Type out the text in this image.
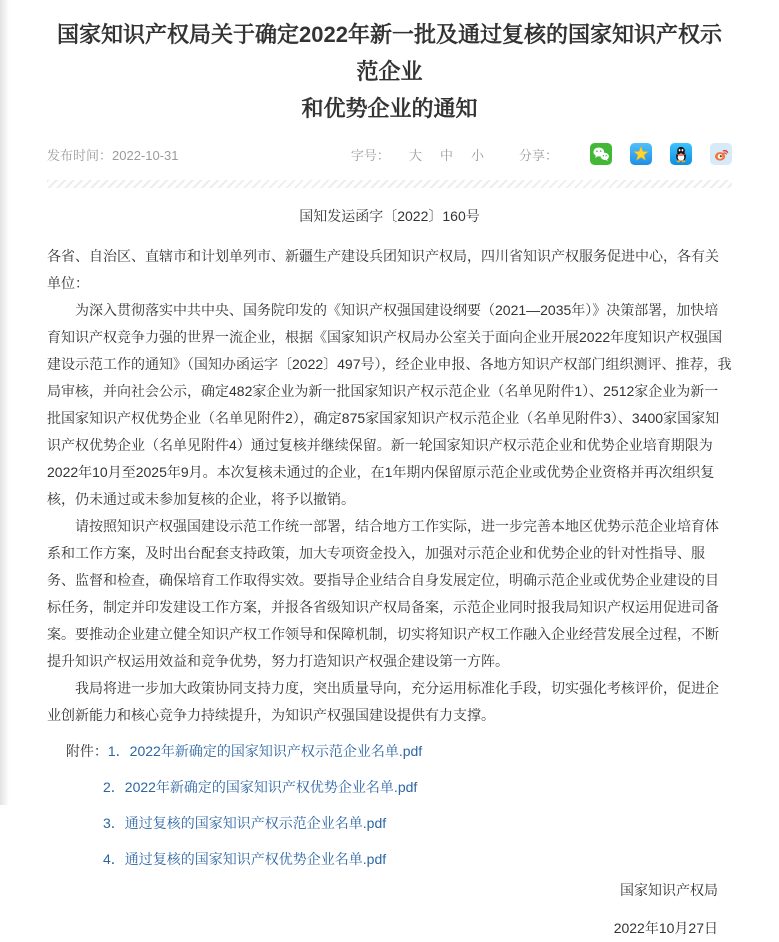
国家知识产权局关于确定2022年新一批及通过复核的国家知识产权示范企业
和优势企业的通知
发布时间：2022-10-31	字号： 大 中 小	分享：
国知发运函字〔2022〕160号
各省、自治区、直辖市和计划单列市、新疆生产建设兵团知识产权局，四川省知识产权服务促进中心，各有关单位：

为深入贯彻落实中共中央、国务院印发的《知识产权强国建设纲要（2021—2035年）》决策部署，加快培育知识产权竞争力强的世界一流企业，根据《国家知识产权局办公室关于面向企业开展2022年度知识产权强国建设示范工作的通知》（国知办函运字〔2022〕497号），经企业申报、各地方知识产权部门组织测评、推荐，我局审核，并向社会公示，确定482家企业为新一批国家知识产权示范企业（名单见附件1）、2512家企业为新一批国家知识产权优势企业（名单见附件2），确定875家国家知识产权示范企业（名单见附件3）、3400家国家知识产权优势企业（名单见附件4）通过复核并继续保留。新一轮国家知识产权示范企业和优势企业培育期限为2022年10月至2025年9月。本次复核未通过的企业，在1年期内保留原示范企业或优势企业资格并再次组织复核，仍未通过或未参加复核的企业，将予以撤销。

请按照知识产权强国建设示范工作统一部署，结合地方工作实际，进一步完善本地区优势示范企业培育体系和工作方案，及时出台配套支持政策，加大专项资金投入，加强对示范企业和优势企业的针对性指导、服务、监督和检查，确保培育工作取得实效。要指导企业结合自身发展定位，明确示范企业或优势企业建设的目标任务，制定并印发建设工作方案，并报各省级知识产权局备案，示范企业同时报我局知识产权运用促进司备案。要推动企业建立健全知识产权工作领导和保障机制，切实将知识产权工作融入企业经营发展全过程，不断提升知识产权运用效益和竞争优势，努力打造知识产权强企建设第一方阵。

我局将进一步加大政策协同支持力度，突出质量导向，充分运用标准化手段，切实强化考核评价，促进企业创新能力和核心竞争力持续提升，为知识产权强国建设提供有力支撑。

附件：1．2022年新确定的国家知识产权示范企业名单.pdf
2．2022年新确定的国家知识产权优势企业名单.pdf
3．通过复核的国家知识产权示范企业名单.pdf
4．通过复核的国家知识产权优势企业名单.pdf
国家知识产权局
2022年10月27日
